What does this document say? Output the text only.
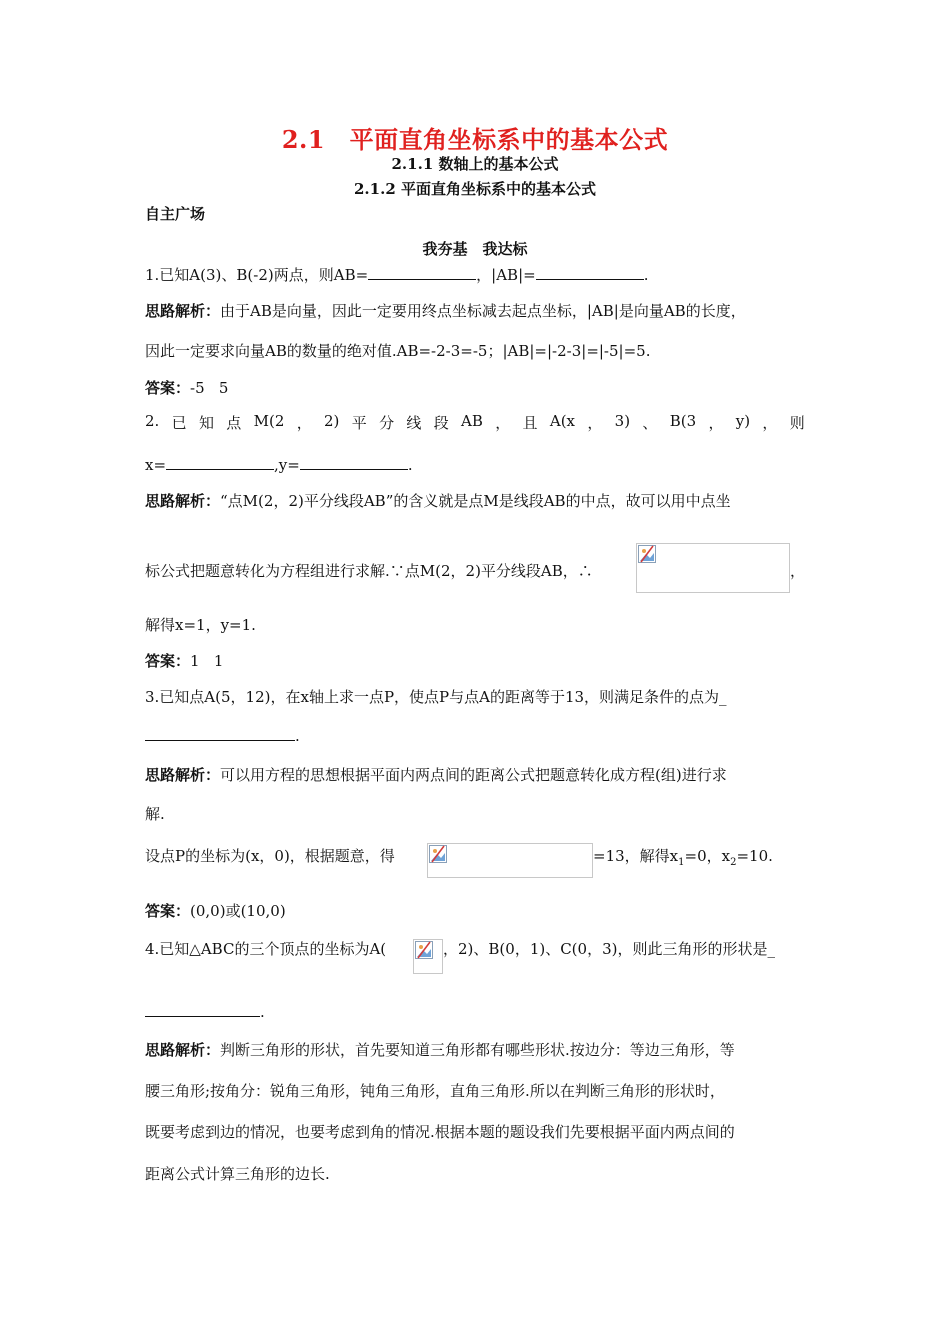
2.1　平面直角坐标系中的基本公式
2.1.1 数轴上的基本公式
2.1.2 平面直角坐标系中的基本公式
自主广场
我夯基　我达标
1.已知A(3)、B(-2)两点，则AB=	，|AB|=	.
思路解析：由于AB是向量，因此一定要用终点坐标减去起点坐标，|AB|是向量AB的长度，
因此一定要求向量AB的数量的绝对值.AB=-2-3=-5；|AB|=|-2-3|=|-5|=5.
答案：-5   5
2. 已 知 点 M(2 ， 2) 平 分 线 段 AB ， 且 A(x ， 3) 、 B(3 ， y) ， 则
x=	,y=	.
思路解析：“点M(2，2)平分线段AB”的含义就是点M是线段AB的中点，故可以用中点坐
标公式把题意转化为方程组进行求解.∵点M(2，2)平分线段AB，∴	，
解得x=1，y=1.
答案：1   1
3.已知点A(5，12)，在x轴上求一点P，使点P与点A的距离等于13，则满足条件的点为_
.
思路解析：可以用方程的思想根据平面内两点间的距离公式把题意转化成方程(组)进行求
解.
设点P的坐标为(x，0)，根据题意，得	=13，解得$x_1=0$，$x_2=10$.
答案：(0,0)或(10,0)
4.已知△ABC的三个顶点的坐标为A(	，2)、B(0，1)、C(0，3)，则此三角形的形状是_
.
思路解析：判断三角形的形状，首先要知道三角形都有哪些形状.按边分：等边三角形，等
腰三角形;按角分：锐角三角形，钝角三角形，直角三角形.所以在判断三角形的形状时，
既要考虑到边的情况，也要考虑到角的情况.根据本题的题设我们先要根据平面内两点间的
距离公式计算三角形的边长.
